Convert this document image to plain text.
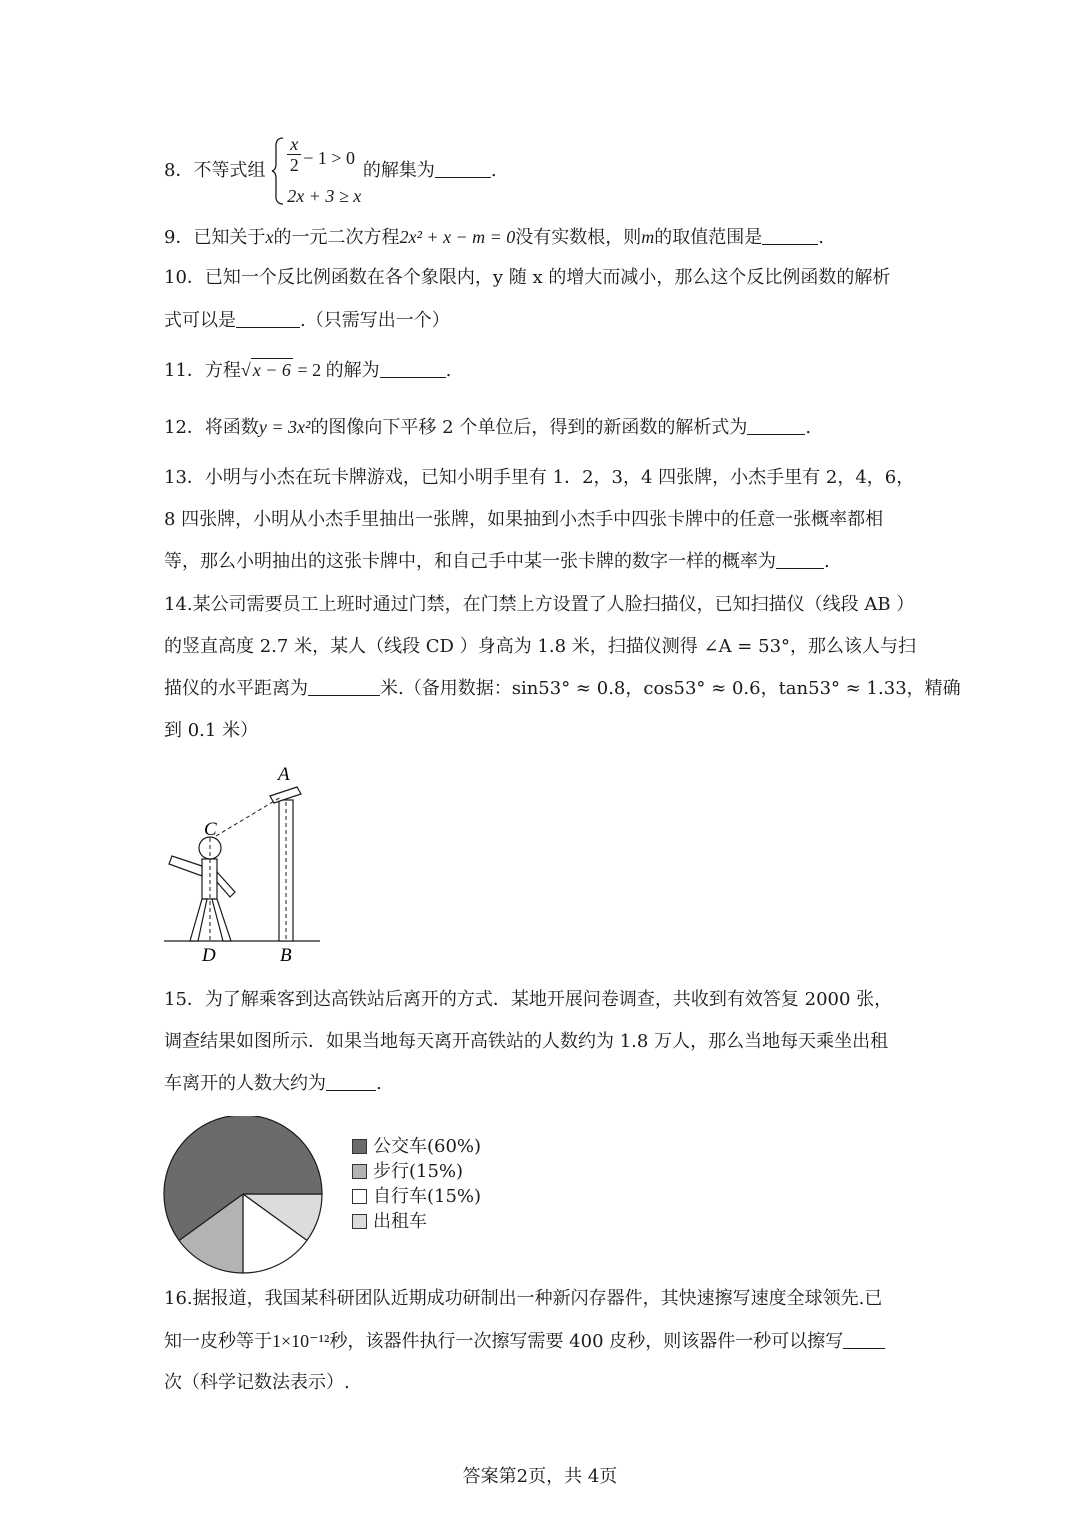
8．不等式组
x
2 − 1 > 0
2x + 3 ≥ x
的解集为	.
9．已知关于x的一元二次方程2x² + x − m = 0没有实数根，则m的取值范围是	.
10．已知一个反比例函数在各个象限内，y 随 x 的增大而减小，那么这个反比例函数的解析
式可以是	.（只需写出一个）
11．方程√ x − 6 = 2 的解为	.
12．将函数y = 3x²的图像向下平移 2 个单位后，得到的新函数的解析式为	.
13．小明与小杰在玩卡牌游戏，已知小明手里有 1．2，3，4 四张牌，小杰手里有 2，4，6，
8 四张牌，小明从小杰手里抽出一张牌，如果抽到小杰手中四张卡牌中的任意一张概率都相
等，那么小明抽出的这张卡牌中，和自己手中某一张卡牌的数字一样的概率为	.
14.某公司需要员工上班时通过门禁，在门禁上方设置了人脸扫描仪，已知扫描仪（线段 AB ）
的竖直高度 2.7 米，某人（线段 CD ）身高为 1.8 米，扫描仪测得 ∠A = 53°，那么该人与扫
描仪的水平距离为	米.（备用数据：sin53° ≈ 0.8，cos53° ≈ 0.6，tan53° ≈ 1.33，精确
到 0.1 米）
A
C
D	B
15．为了解乘客到达高铁站后离开的方式．某地开展问卷调查，共收到有效答复 2000 张，
调查结果如图所示．如果当地每天离开高铁站的人数约为 1.8 万人，那么当地每天乘坐出租
车离开的人数大约为	.
公交车(60%)
步行(15%)
自行车(15%)
出租车
16.据报道，我国某科研团队近期成功研制出一种新闪存器件，其快速擦写速度全球领先.已
知一皮秒等于1×10⁻¹²秒，该器件执行一次擦写需要 400 皮秒，则该器件一秒可以擦写
次（科学记数法表示）.
答案第2页，共 4页
